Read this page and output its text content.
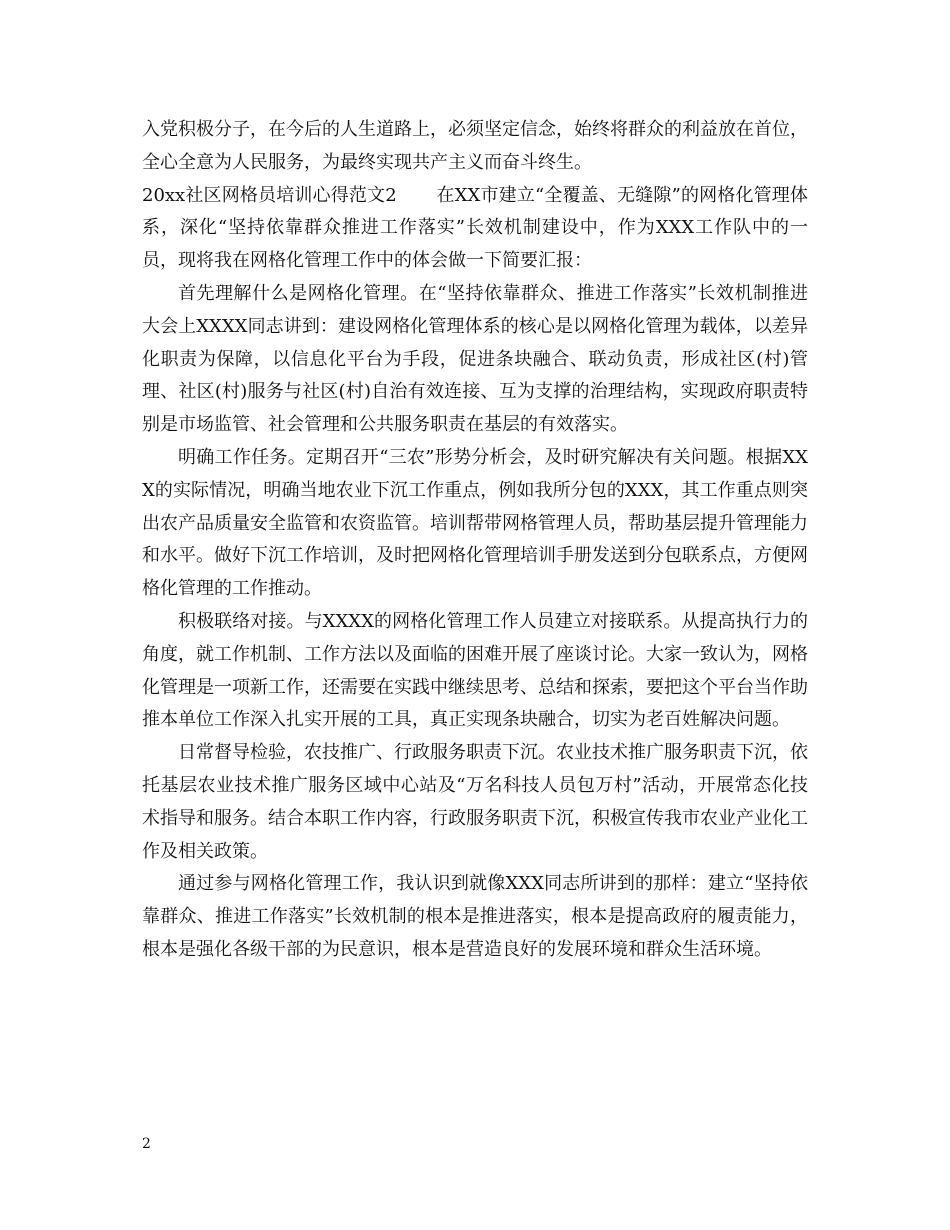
入党积极分子，在今后的人生道路上，必须坚定信念，始终将群众的利益放在首位，全心全意为人民服务，为最终实现共产主义而奋斗终生。

20xx社区网格员培训心得范文2 在XX市建立“全覆盖、无缝隙”的网格化管理体系，深化“坚持依靠群众推进工作落实”长效机制建设中，作为XXX工作队中的一员，现将我在网格化管理工作中的体会做一下简要汇报：

首先理解什么是网格化管理。在“坚持依靠群众、推进工作落实”长效机制推进大会上XXXX同志讲到：建设网格化管理体系的核心是以网格化管理为载体，以差异化职责为保障，以信息化平台为手段，促进条块融合、联动负责，形成社区(村)管理、社区(村)服务与社区(村)自治有效连接、互为支撑的治理结构，实现政府职责特别是市场监管、社会管理和公共服务职责在基层的有效落实。

明确工作任务。定期召开“三农”形势分析会，及时研究解决有关问题。根据XXX的实际情况，明确当地农业下沉工作重点，例如我所分包的XXX，其工作重点则突出农产品质量安全监管和农资监管。培训帮带网格管理人员，帮助基层提升管理能力和水平。做好下沉工作培训，及时把网格化管理培训手册发送到分包联系点，方便网格化管理的工作推动。

积极联络对接。与XXXX的网格化管理工作人员建立对接联系。从提高执行力的角度，就工作机制、工作方法以及面临的困难开展了座谈讨论。大家一致认为，网格化管理是一项新工作，还需要在实践中继续思考、总结和探索，要把这个平台当作助推本单位工作深入扎实开展的工具，真正实现条块融合，切实为老百姓解决问题。

日常督导检验，农技推广、行政服务职责下沉。农业技术推广服务职责下沉，依托基层农业技术推广服务区域中心站及“万名科技人员包万村”活动，开展常态化技术指导和服务。结合本职工作内容，行政服务职责下沉，积极宣传我市农业产业化工作及相关政策。

通过参与网格化管理工作，我认识到就像XXX同志所讲到的那样：建立“坚持依靠群众、推进工作落实”长效机制的根本是推进落实，根本是提高政府的履责能力，根本是强化各级干部的为民意识，根本是营造良好的发展环境和群众生活环境。

2
